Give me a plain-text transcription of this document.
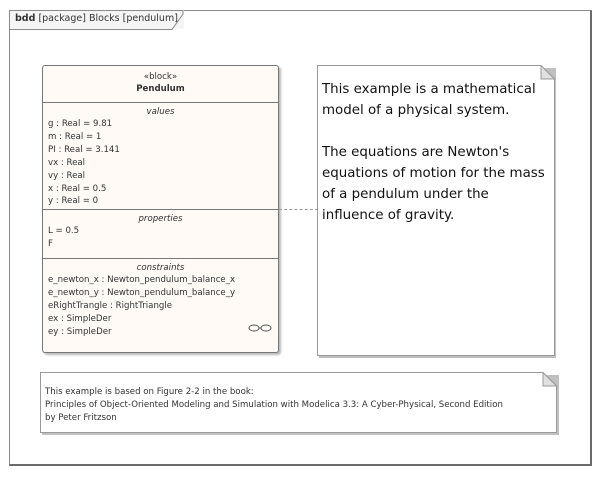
bdd [package] Blocks [pendulum]
«block»
Pendulum
values
g : Real = 9.81
m : Real = 1
PI : Real = 3.141
vx : Real
vy : Real
x : Real = 0.5
y : Real = 0
properties
L = 0.5
F
constraints
e_newton_x : Newton_pendulum_balance_x
e_newton_y : Newton_pendulum_balance_y
eRightTrangle : RightTriangle
ex : SimpleDer
ey : SimpleDer

This example is a mathematical model of a physical system.

The equations are Newton's equations of motion for the mass of a pendulum under the influence of gravity.

This example is based on Figure 2-2 in the book:
Principles of Object-Oriented Modeling and Simulation with Modelica 3.3: A Cyber-Physical, Second Edition
by Peter Fritzson
